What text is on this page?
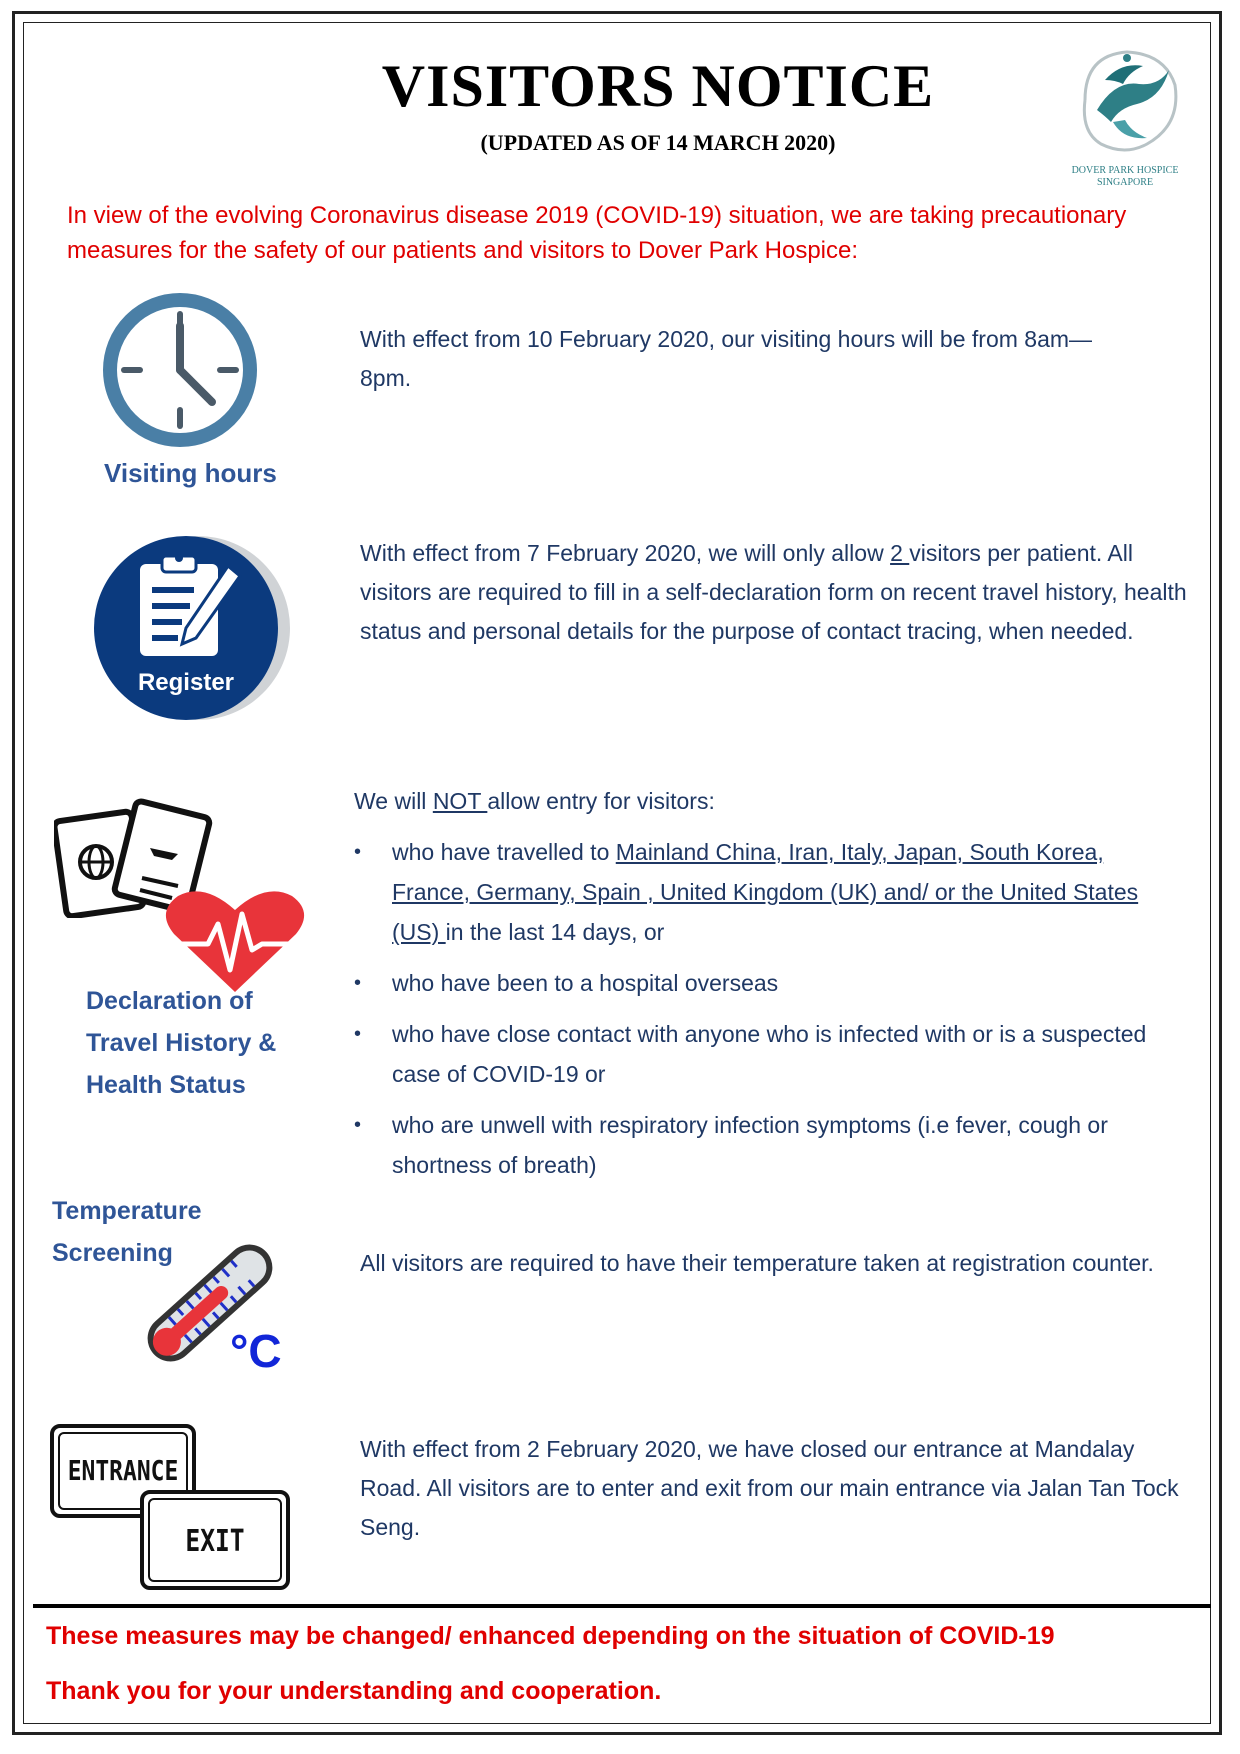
VISITORS NOTICE
(UPDATED AS OF 14 MARCH 2020)
DOVER PARK HOSPICE
SINGAPORE
In view of the evolving Coronavirus disease 2019 (COVID-19) situation, we are taking precautionary measures for the safety of our patients and visitors to Dover Park Hospice:
Visiting hours

With effect from 10 February 2020, our visiting hours will be from 8am—8pm.

Register

With effect from 7 February 2020, we will only allow 2 visitors per patient. All visitors are required to fill in a self-declaration form on recent travel history, health status and personal details for the purpose of contact tracing, when needed.

Declaration of
Travel History &
Health Status

We will NOT allow entry for visitors:

• who have travelled to Mainland China, Iran, Italy, Japan, South Korea, France, Germany, Spain , United Kingdom (UK) and/ or the United States (US) in the last 14 days, or
• who have been to a hospital overseas
• who have close contact with anyone who is infected with or is a suspected case of COVID-19 or
• who are unwell with respiratory infection symptoms (i.e fever, cough or shortness of breath)
Temperature
Screening
°C

All visitors are required to have their temperature taken at registration counter.

ENTRANCE
EXIT

With effect from 2 February 2020, we have closed our entrance at Mandalay Road. All visitors are to enter and exit from our main entrance via Jalan Tan Tock Seng.

These measures may be changed/ enhanced depending on the situation of COVID-19
Thank you for your understanding and cooperation.
